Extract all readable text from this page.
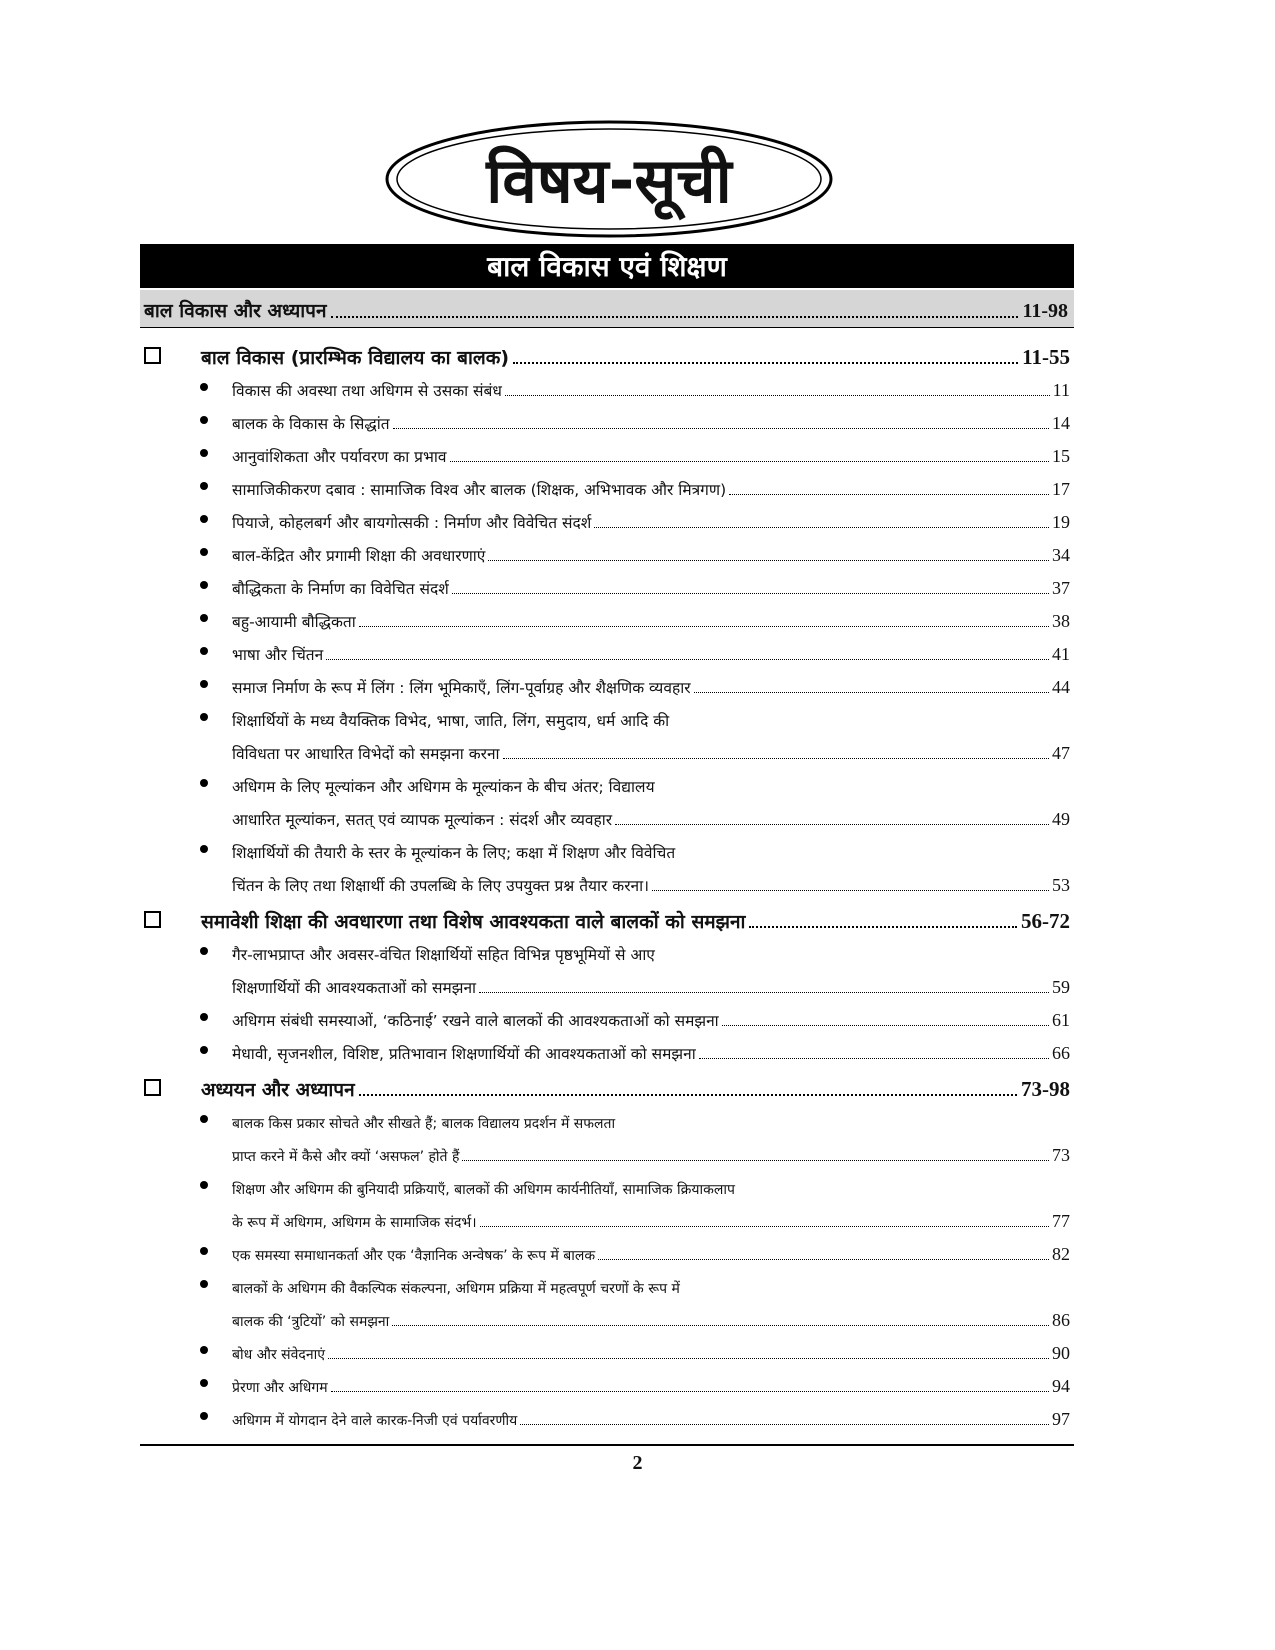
विषय-सूची
बाल विकास एवं शिक्षण
बाल विकास और अध्यापन	11-98
बाल विकास (प्रारम्भिक विद्यालय का बालक)	11-55
विकास की अवस्था तथा अधिगम से उसका संबंध	11
बालक के विकास के सिद्धांत	14
आनुवांशिकता और पर्यावरण का प्रभाव	15
सामाजिकीकरण दबाव : सामाजिक विश्व और बालक (शिक्षक, अभिभावक और मित्रगण)	17
पियाजे, कोहलबर्ग और बायगोत्सकी : निर्माण और विवेचित संदर्श	19
बाल-केंद्रित और प्रगामी शिक्षा की अवधारणाएं	34
बौद्धिकता के निर्माण का विवेचित संदर्श	37
बहु-आयामी बौद्धिकता	38
भाषा और चिंतन	41
समाज निर्माण के रूप में लिंग : लिंग भूमिकाएँ, लिंग-पूर्वाग्रह और शैक्षणिक व्यवहार	44
शिक्षार्थियों के मध्य वैयक्तिक विभेद, भाषा, जाति, लिंग, समुदाय, धर्म आदि की
विविधता पर आधारित विभेदों को समझना करना	47
अधिगम के लिए मूल्यांकन और अधिगम के मूल्यांकन के बीच अंतर; विद्यालय
आधारित मूल्यांकन, सतत् एवं व्यापक मूल्यांकन : संदर्श और व्यवहार	49
शिक्षार्थियों की तैयारी के स्तर के मूल्यांकन के लिए; कक्षा में शिक्षण और विवेचित
चिंतन के लिए तथा शिक्षार्थी की उपलब्धि के लिए उपयुक्त प्रश्न तैयार करना।	53
समावेशी शिक्षा की अवधारणा तथा विशेष आवश्यकता वाले बालकों को समझना	56-72
गैर-लाभप्राप्त और अवसर-वंचित शिक्षार्थियों सहित विभिन्न पृष्ठभूमियों से आए
शिक्षणार्थियों की आवश्यकताओं को समझना	59
अधिगम संबंधी समस्याओं, ‘कठिनाई’ रखने वाले बालकों की आवश्यकताओं को समझना	61
मेधावी, सृजनशील, विशिष्ट, प्रतिभावान शिक्षणार्थियों की आवश्यकताओं को समझना	66
अध्ययन और अध्यापन	73-98
बालक किस प्रकार सोचते और सीखते हैं; बालक विद्यालय प्रदर्शन में सफलता
प्राप्त करने में कैसे और क्यों ‘असफल’ होते हैं	73
शिक्षण और अधिगम की बुनियादी प्रक्रियाएँ, बालकों की अधिगम कार्यनीतियाँ, सामाजिक क्रियाकलाप
के रूप में अधिगम, अधिगम के सामाजिक संदर्भ।	77
एक समस्या समाधानकर्ता और एक ‘वैज्ञानिक अन्वेषक’ के रूप में बालक	82
बालकों के अधिगम की वैकल्पिक संकल्पना, अधिगम प्रक्रिया में महत्वपूर्ण चरणों के रूप में
बालक की ‘त्रुटियों’ को समझना	86
बोध और संवेदनाएं	90
प्रेरणा और अधिगम	94
अधिगम में योगदान देने वाले कारक-निजी एवं पर्यावरणीय	97
2
